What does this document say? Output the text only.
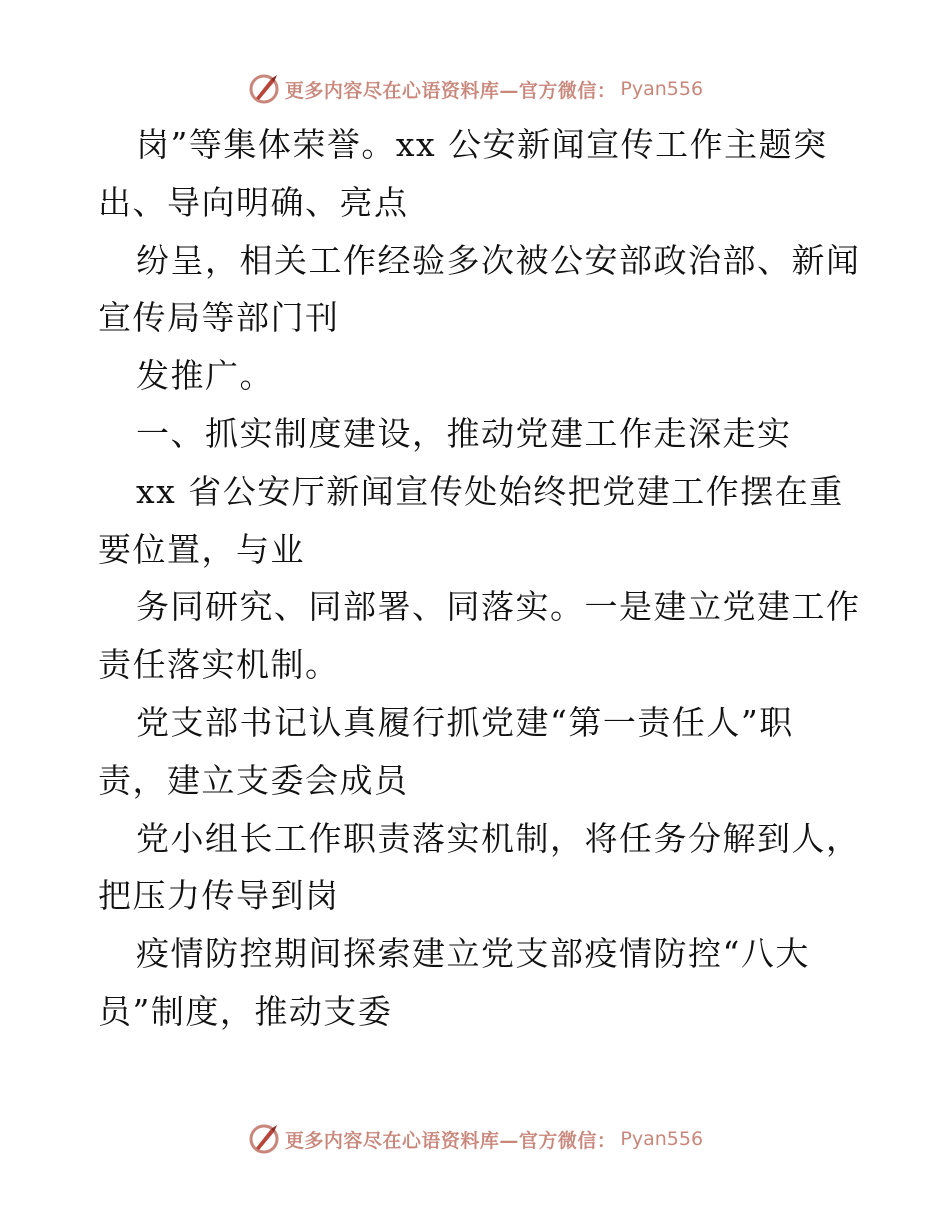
更多内容尽在心语资料库—官方微信： Pyan556
岗”等集体荣誉。xx 公安新闻宣传工作主题突
出、导向明确、亮点
纷呈，相关工作经验多次被公安部政治部、新闻
宣传局等部门刊
发推广。
一、抓实制度建设，推动党建工作走深走实
xx 省公安厅新闻宣传处始终把党建工作摆在重
要位置，与业
务同研究、同部署、同落实。一是建立党建工作
责任落实机制。
党支部书记认真履行抓党建“第一责任人”职
责，建立支委会成员
党小组长工作职责落实机制，将任务分解到人，
把压力传导到岗
疫情防控期间探索建立党支部疫情防控“八大
员”制度，推动支委
更多内容尽在心语资料库—官方微信： Pyan556
